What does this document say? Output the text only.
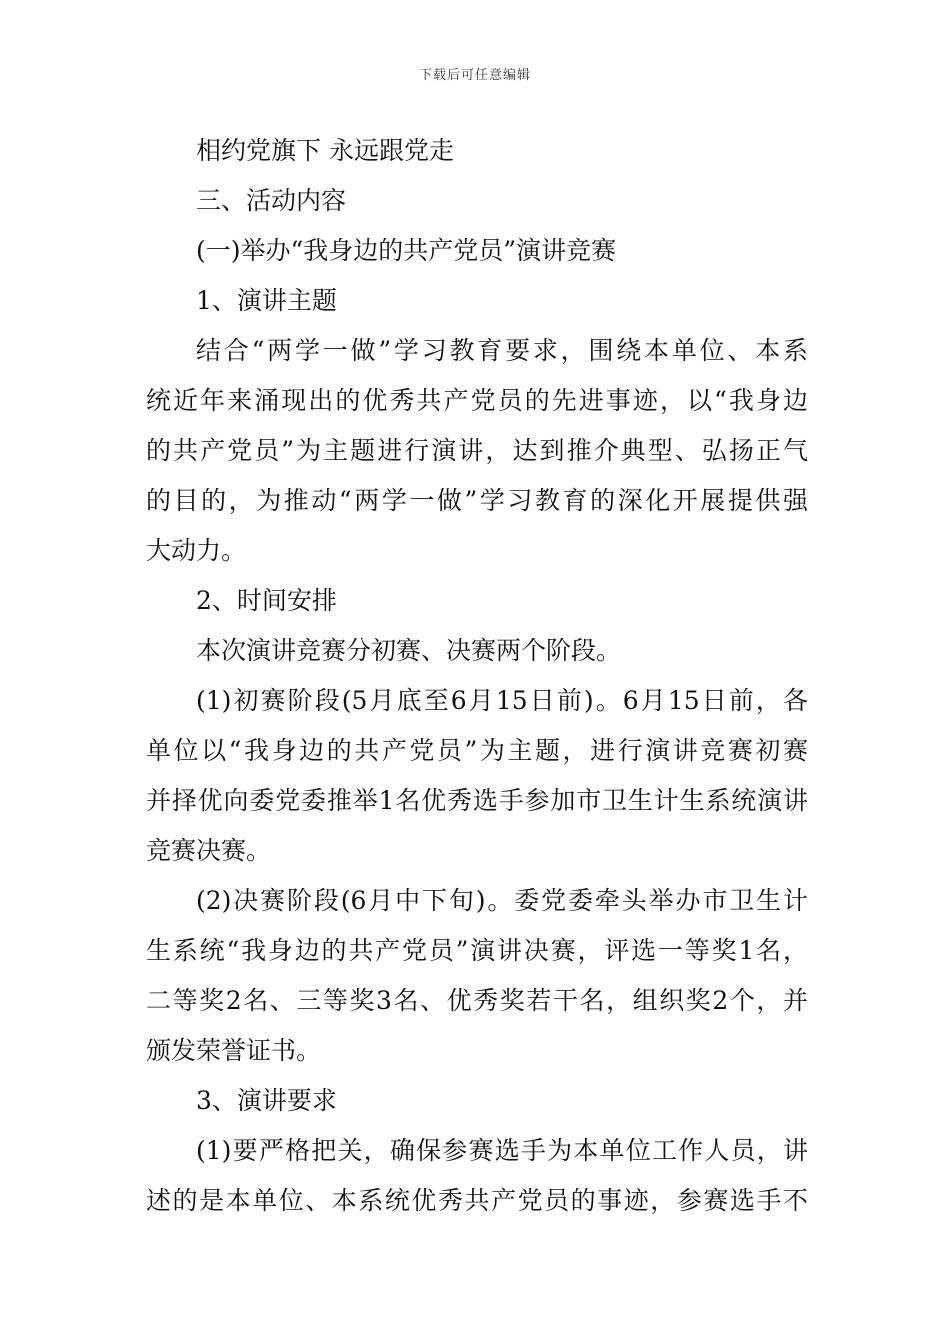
下载后可任意编辑
相约党旗下 永远跟党走
三、活动内容
(一)举办“我身边的共产党员”演讲竞赛
1、演讲主题
结合“两学一做”学习教育要求，围绕本单位、本系
统近年来涌现出的优秀共产党员的先进事迹，以“我身边
的共产党员”为主题进行演讲，达到推介典型、弘扬正气
的目的，为推动“两学一做”学习教育的深化开展提供强
大动力。
2、时间安排
本次演讲竞赛分初赛、决赛两个阶段。
(1)初赛阶段(5月底至6月15日前)。6月15日前，各
单位以“我身边的共产党员”为主题，进行演讲竞赛初赛
并择优向委党委推举1名优秀选手参加市卫生计生系统演讲
竞赛决赛。
(2)决赛阶段(6月中下旬)。委党委牵头举办市卫生计
生系统“我身边的共产党员”演讲决赛，评选一等奖1名，
二等奖2名、三等奖3名、优秀奖若干名，组织奖2个，并
颁发荣誉证书。
3、演讲要求
(1)要严格把关，确保参赛选手为本单位工作人员，讲
述的是本单位、本系统优秀共产党员的事迹，参赛选手不
